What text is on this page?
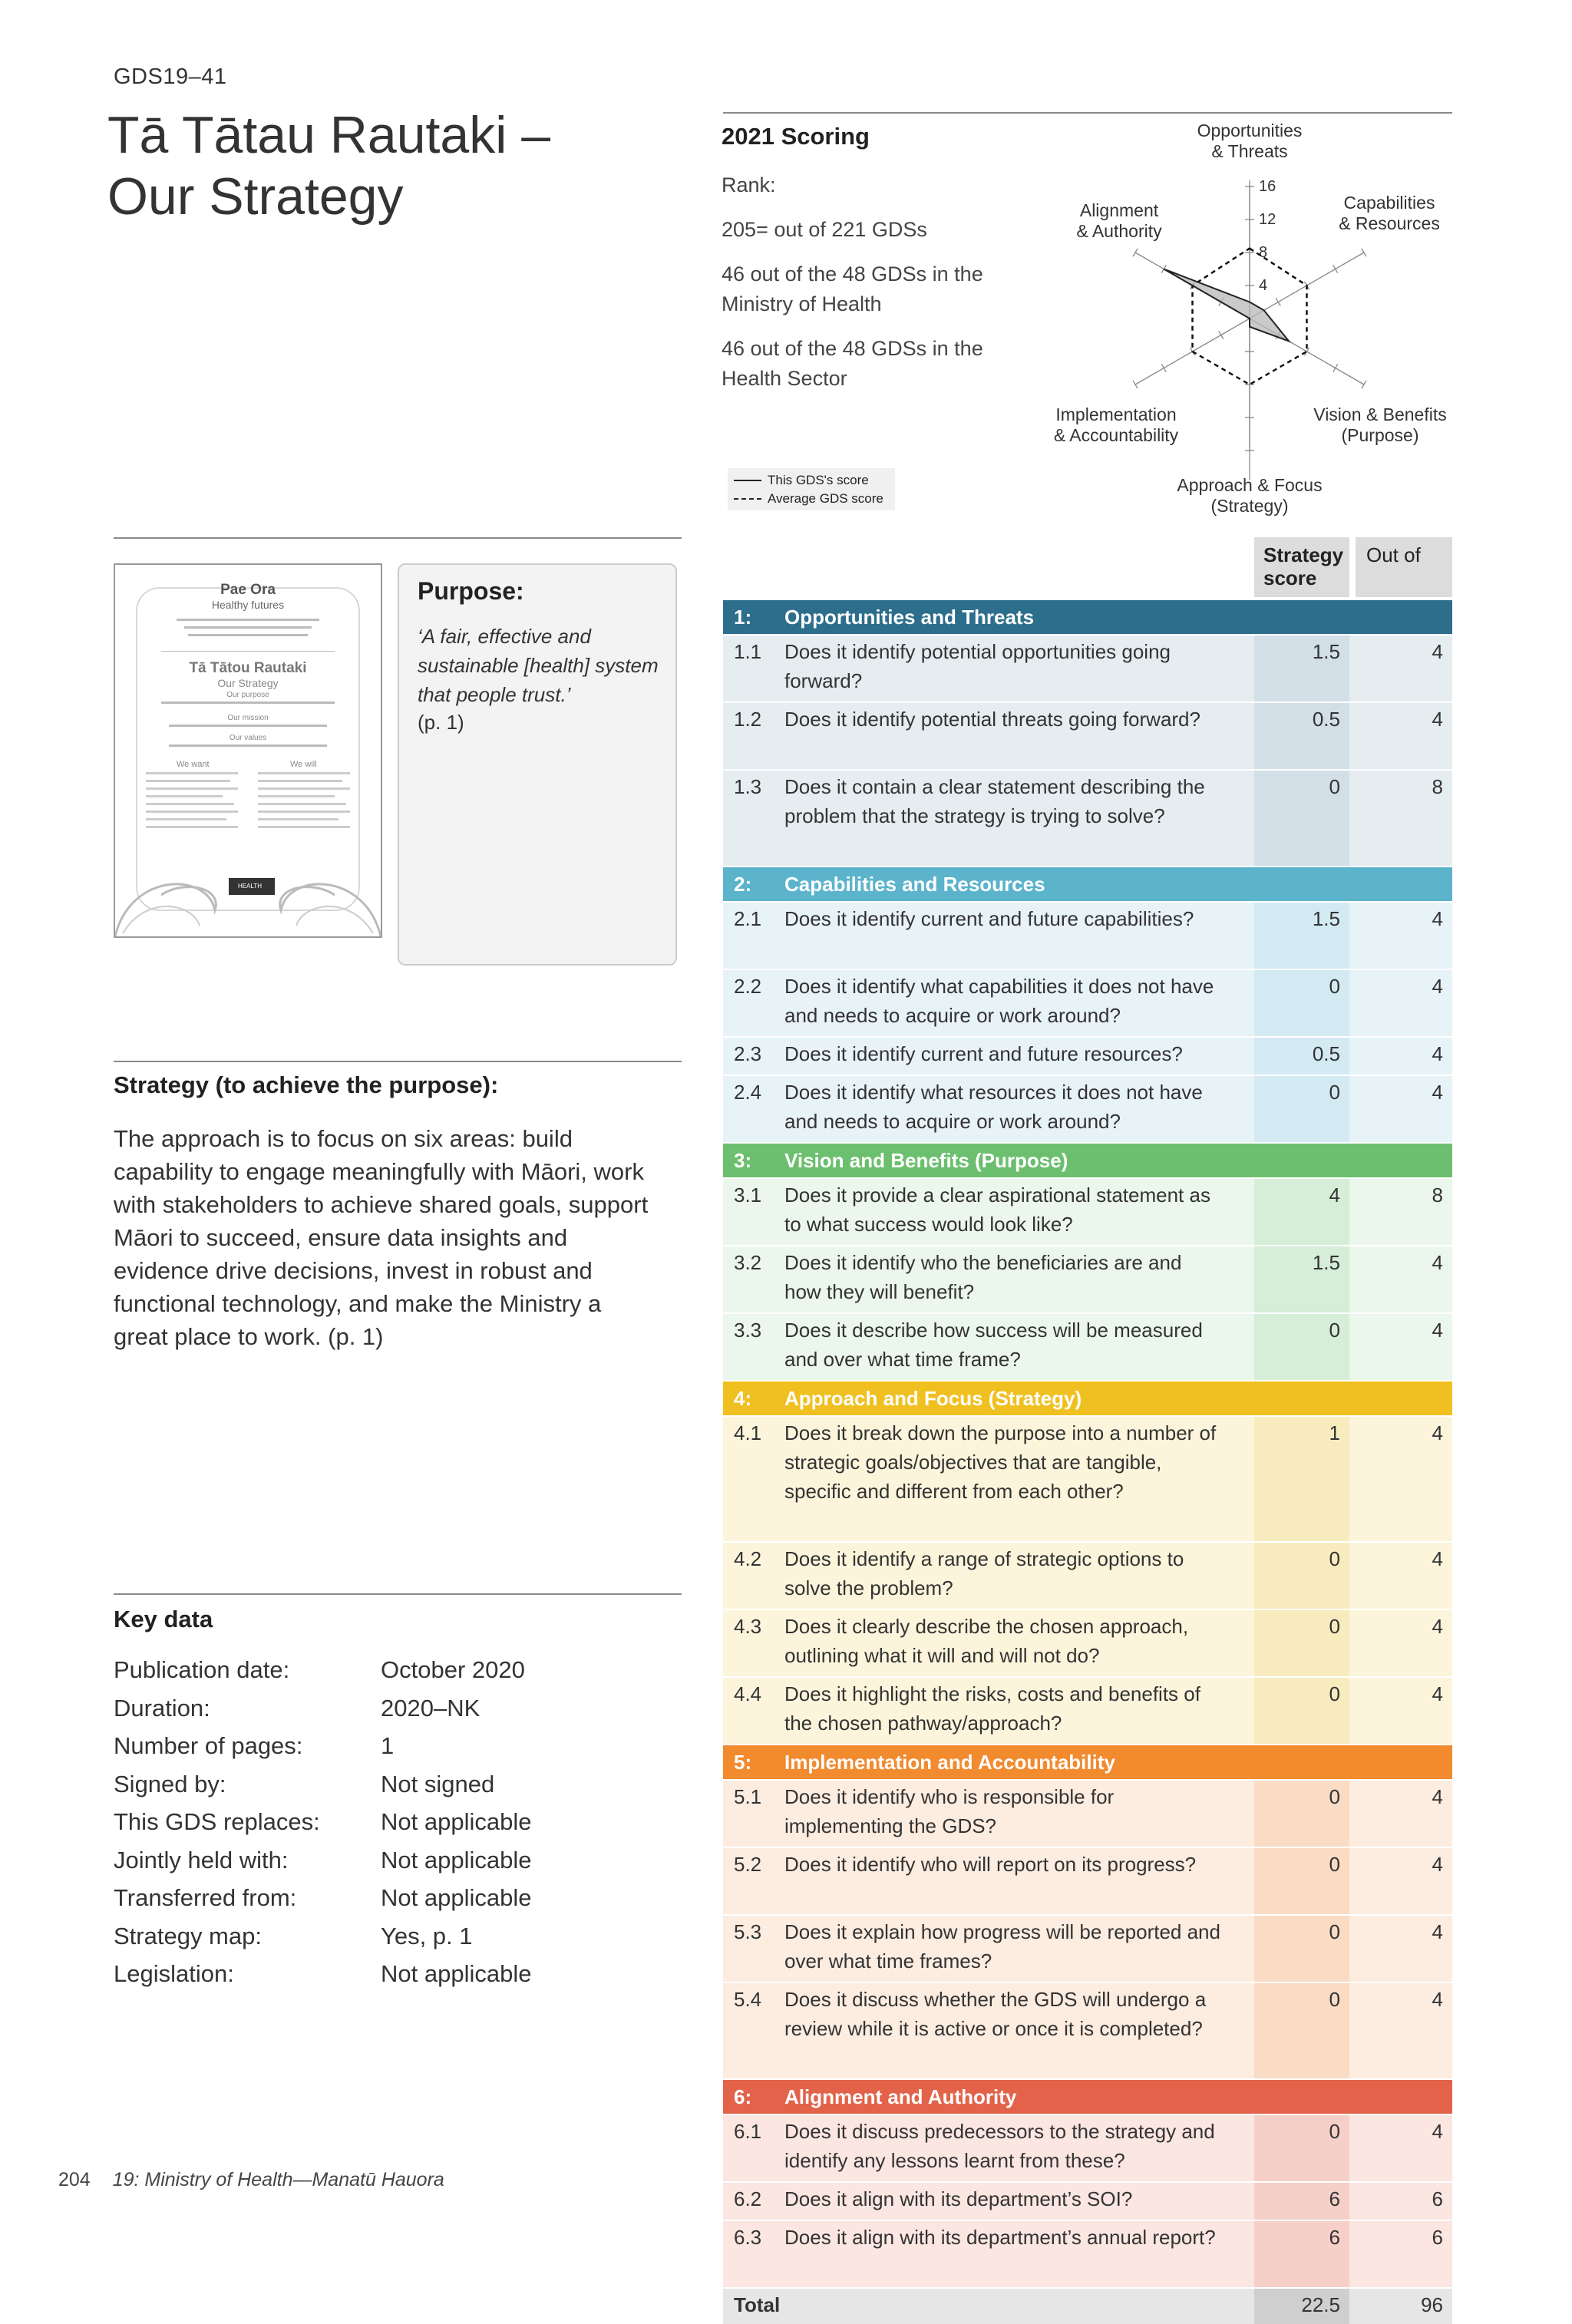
GDS19–41
Tā Tātau Rautaki –
Our Strategy
2021 Scoring
Rank:
205= out of 221 GDSs
46 out of the 48 GDSs in the Ministry of Health
46 out of the 48 GDSs in the Health Sector
4
8
12
16
Opportunities & Threats
Capabilities & Resources
Vision & Benefits (Purpose)
Approach & Focus (Strategy)
Implementation & Accountability
Alignment & Authority
This GDS's score
Average GDS score
Pae Ora
Healthy futures
Tā Tātou Rautaki
Our Strategy
Our purpose
Our mission
Our values
We want	We will
HEALTH
Purpose:
‘A fair, effective and sustainable [health] system that people trust.’
(p. 1)
Strategy (to achieve the purpose):
The approach is to focus on six areas: build capability to engage meaningfully with Māori, work with stakeholders to achieve shared goals, support Māori to succeed, ensure data insights and evidence drive decisions, invest in robust and functional technology, and make the Ministry a great place to work. (p. 1)
Key data
Publication date:	October 2020
Duration:	2020–NK
Number of pages:	1
Signed by:	Not signed
This GDS replaces:	Not applicable
Jointly held with:	Not applicable
Transferred from:	Not applicable
Strategy map:	Yes, p. 1
Legislation:	Not applicable
Strategy score
Out of
1: Opportunities and Threats
1.1 Does it identify potential opportunities going forward?
1.5	4
1.2 Does it identify potential threats going forward?	0.5	4
1.3 Does it contain a clear statement describing the problem that the strategy is trying to solve?
0	8
2: Capabilities and Resources
2.1 Does it identify current and future capabilities?	1.5	4
2.2 Does it identify what capabilities it does not have and needs to acquire or work around?
0	4
2.3 Does it identify current and future resources?	0.5	4
2.4 Does it identify what resources it does not have and needs to acquire or work around?
0	4
3: Vision and Benefits (Purpose)
3.1 Does it provide a clear aspirational statement as to what success would look like?
4	8
3.2 Does it identify who the beneficiaries are and how they will benefit?
1.5	4
3.3 Does it describe how success will be measured and over what time frame?
0	4
4: Approach and Focus (Strategy)
4.1 Does it break down the purpose into a number of strategic goals/objectives that are tangible, specific and different from each other?
1	4
4.2 Does it identify a range of strategic options to solve the problem?
0	4
4.3 Does it clearly describe the chosen approach, outlining what it will and will not do?
0	4
4.4 Does it highlight the risks, costs and benefits of the chosen pathway/approach?
0	4
5: Implementation and Accountability
5.1 Does it identify who is responsible for implementing the GDS?
0	4
5.2 Does it identify who will report on its progress?	0	4
5.3 Does it explain how progress will be reported and over what time frames?
0	4
5.4 Does it discuss whether the GDS will undergo a review while it is active or once it is completed?
0	4
6: Alignment and Authority
6.1 Does it discuss predecessors to the strategy and identify any lessons learnt from these?
0	4
6.2 Does it align with its department’s SOI?	6	6
6.3 Does it align with its department’s annual report?	6	6
Total	22.5	96
204 19: Ministry of Health—Manatū Hauora
